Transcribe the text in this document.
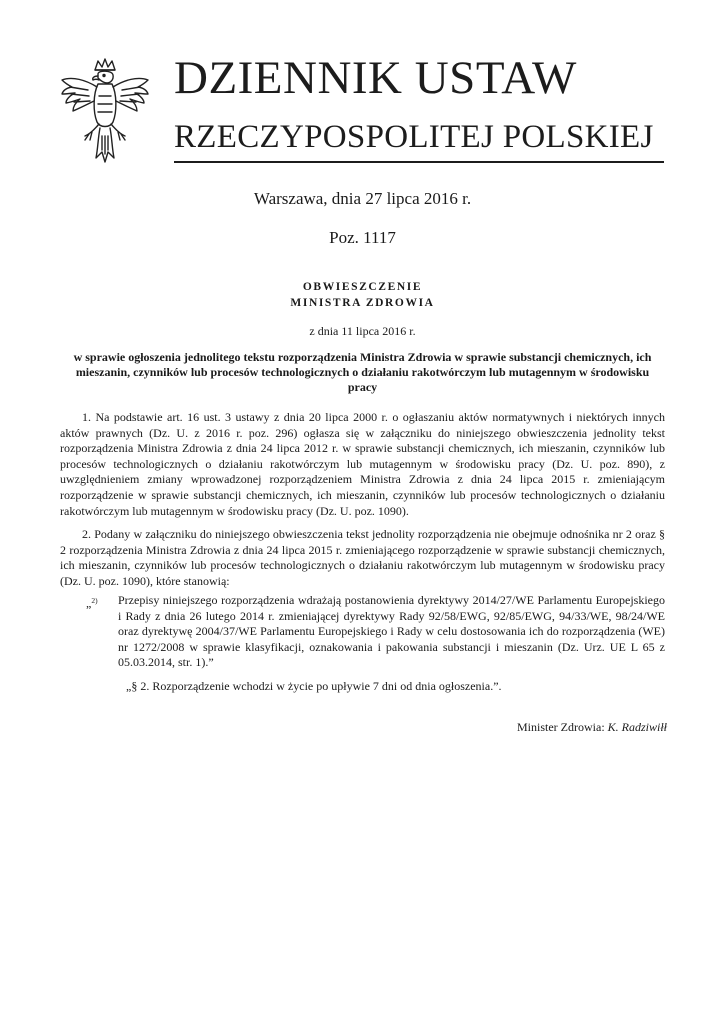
DZIENNIK USTAW
RZECZYPOSPOLITEJ POLSKIEJ
Warszawa, dnia 27 lipca 2016 r.
Poz. 1117
OBWIESZCZENIE
MINISTRA ZDROWIA
z dnia 11 lipca 2016 r.
w sprawie ogłoszenia jednolitego tekstu rozporządzenia Ministra Zdrowia w sprawie substancji chemicznych, ich mieszanin, czynników lub procesów technologicznych o działaniu rakotwórczym lub mutagennym w środowisku pracy

1. Na podstawie art. 16 ust. 3 ustawy z dnia 20 lipca 2000 r. o ogłaszaniu aktów normatywnych i niektórych innych aktów prawnych (Dz. U. z 2016 r. poz. 296) ogłasza się w załączniku do niniejszego obwieszczenia jednolity tekst rozporządzenia Ministra Zdrowia z dnia 24 lipca 2012 r. w sprawie substancji chemicznych, ich mieszanin, czynników lub procesów technologicznych o działaniu rakotwórczym lub mutagennym w środowisku pracy (Dz. U. poz. 890), z uwzględnieniem zmiany wprowadzonej rozporządzeniem Ministra Zdrowia z dnia 24 lipca 2015 r. zmieniającym rozporządzenie w sprawie substancji chemicznych, ich mieszanin, czynników lub procesów technologicznych o działaniu rakotwórczym lub mutagennym w środowisku pracy (Dz. U. poz. 1090).

2. Podany w załączniku do niniejszego obwieszczenia tekst jednolity rozporządzenia nie obejmuje odnośnika nr 2 oraz § 2 rozporządzenia Ministra Zdrowia z dnia 24 lipca 2015 r. zmieniającego rozporządzenie w sprawie substancji chemicznych, ich mieszanin, czynników lub procesów technologicznych o działaniu rakotwórczym lub mutagennym w środowisku pracy (Dz. U. poz. 1090), które stanowią:

„$^{2)}$ Przepisy niniejszego rozporządzenia wdrażają postanowienia dyrektywy 2014/27/WE Parlamentu Europejskiego i Rady z dnia 26 lutego 2014 r. zmieniającej dyrektywy Rady 92/58/EWG, 92/85/EWG, 94/33/WE, 98/24/WE oraz dyrektywę 2004/37/WE Parlamentu Europejskiego i Rady w celu dostosowania ich do rozporządzenia (WE) nr 1272/2008 w sprawie klasyfikacji, oznakowania i pakowania substancji i mieszanin (Dz. Urz. UE L 65 z 05.03.2014, str. 1).”
„§ 2. Rozporządzenie wchodzi w życie po upływie 7 dni od dnia ogłoszenia.”.
Minister Zdrowia: K. Radziwiłł
